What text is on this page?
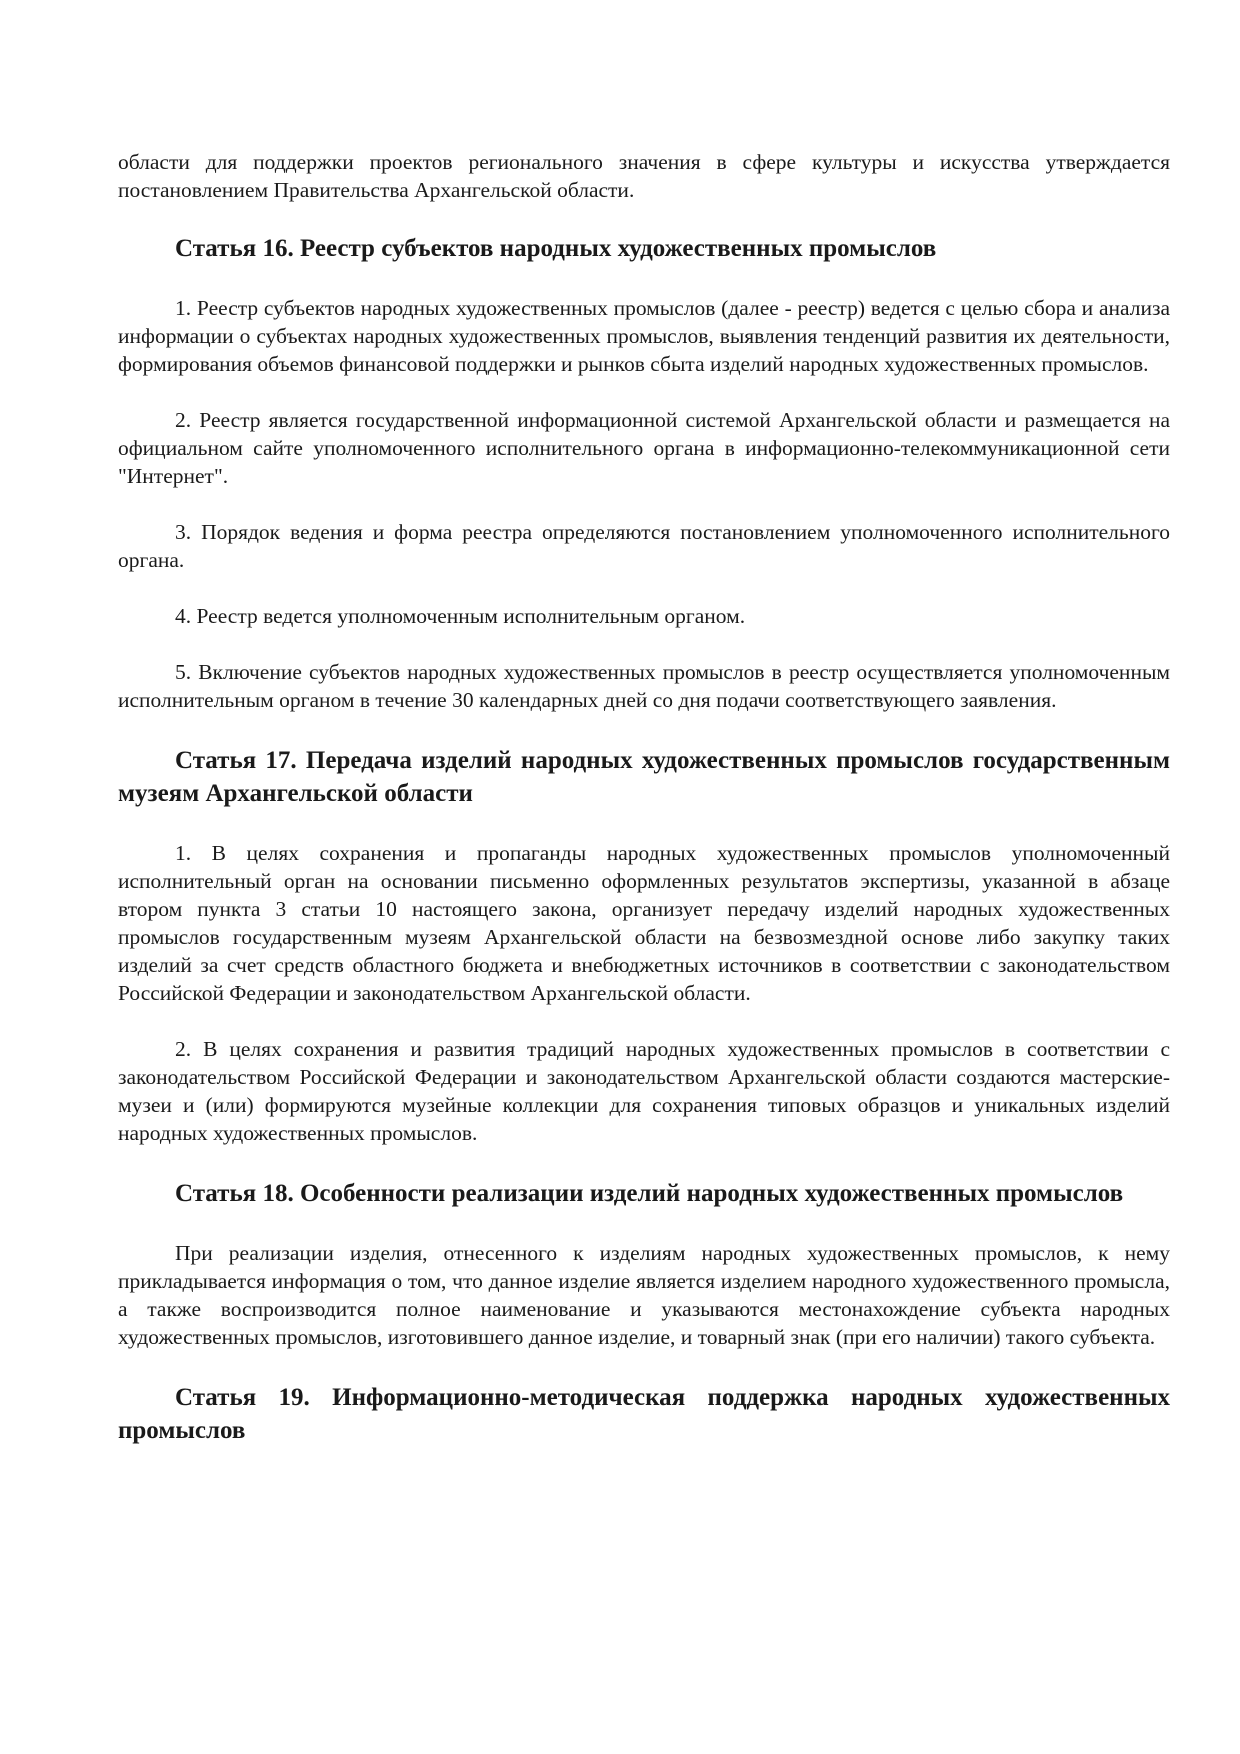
области для поддержки проектов регионального значения в сфере культуры и искусства утверждается постановлением Правительства Архангельской области.

Статья 16. Реестр субъектов народных художественных промыслов

1. Реестр субъектов народных художественных промыслов (далее - реестр) ведется с целью сбора и анализа информации о субъектах народных художественных промыслов, выявления тенденций развития их деятельности, формирования объемов финансовой поддержки и рынков сбыта изделий народных художественных промыслов.

2. Реестр является государственной информационной системой Архангельской области и размещается на официальном сайте уполномоченного исполнительного органа в информационно-телекоммуникационной сети "Интернет".

3. Порядок ведения и форма реестра определяются постановлением уполномоченного исполнительного органа.

4. Реестр ведется уполномоченным исполнительным органом.

5. Включение субъектов народных художественных промыслов в реестр осуществляется уполномоченным исполнительным органом в течение 30 календарных дней со дня подачи соответствующего заявления.

Статья 17. Передача изделий народных художественных промыслов государственным музеям Архангельской области

1. В целях сохранения и пропаганды народных художественных промыслов уполномоченный исполнительный орган на основании письменно оформленных результатов экспертизы, указанной в абзаце втором пункта 3 статьи 10 настоящего закона, организует передачу изделий народных художественных промыслов государственным музеям Архангельской области на безвозмездной основе либо закупку таких изделий за счет средств областного бюджета и внебюджетных источников в соответствии с законодательством Российской Федерации и законодательством Архангельской области.

2. В целях сохранения и развития традиций народных художественных промыслов в соответствии с законодательством Российской Федерации и законодательством Архангельской области создаются мастерские-музеи и (или) формируются музейные коллекции для сохранения типовых образцов и уникальных изделий народных художественных промыслов.

Статья 18. Особенности реализации изделий народных художественных промыслов

При реализации изделия, отнесенного к изделиям народных художественных промыслов, к нему прикладывается информация о том, что данное изделие является изделием народного художественного промысла, а также воспроизводится полное наименование и указываются местонахождение субъекта народных художественных промыслов, изготовившего данное изделие, и товарный знак (при его наличии) такого субъекта.

Статья 19. Информационно-методическая поддержка народных художественных промыслов
